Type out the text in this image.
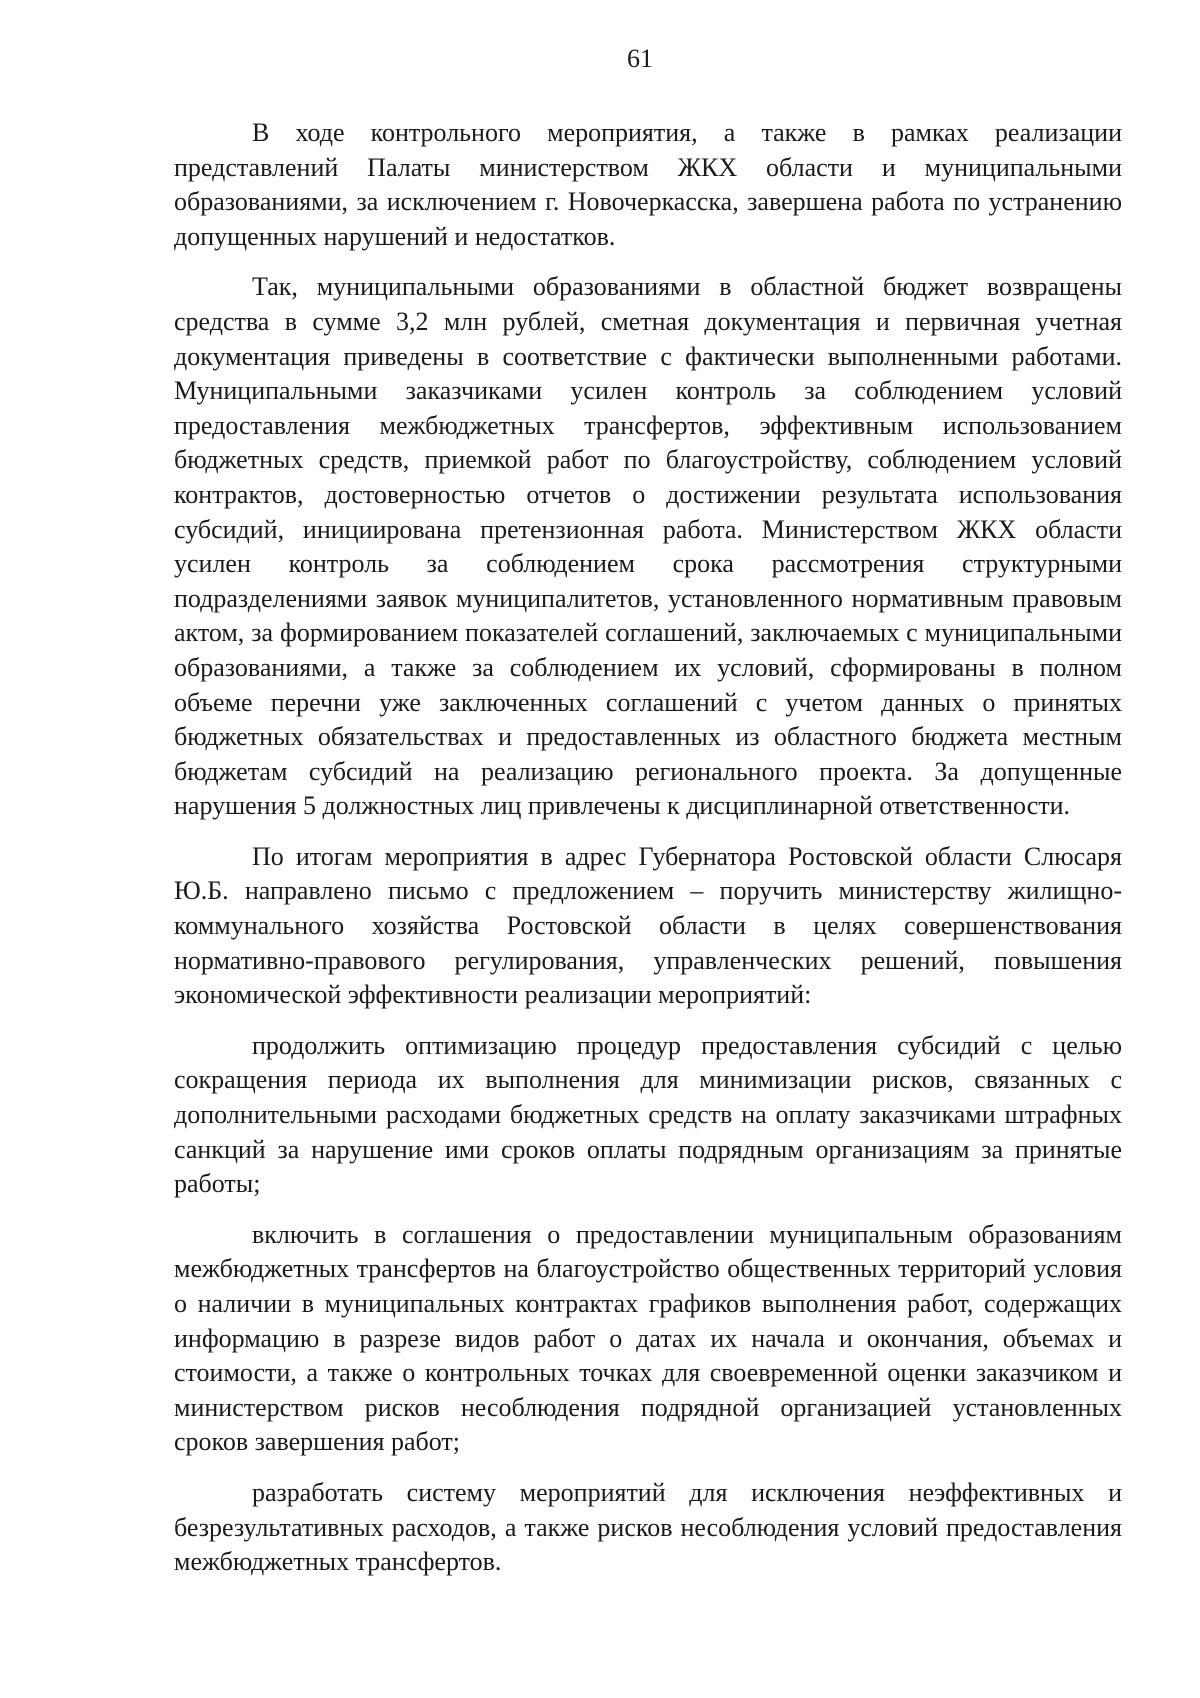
61

В ходе контрольного мероприятия, а также в рамках реализации представлений Палаты министерством ЖКХ области и муниципальными образованиями, за исключением г. Новочеркасска, завершена работа по устранению допущенных нарушений и недостатков.

Так, муниципальными образованиями в областной бюджет возвращены средства в сумме 3,2 млн рублей, сметная документация и первичная учетная документация приведены в соответствие с фактически выполненными работами. Муниципальными заказчиками усилен контроль за соблюдением условий предоставления межбюджетных трансфертов, эффективным использованием бюджетных средств, приемкой работ по благоустройству, соблюдением условий контрактов, достоверностью отчетов о достижении результата использования субсидий, инициирована претензионная работа. Министерством ЖКХ области усилен контроль за соблюдением срока рассмотрения структурными подразделениями заявок муниципалитетов, установленного нормативным правовым актом, за формированием показателей соглашений, заключаемых с муниципальными образованиями, а также за соблюдением их условий, сформированы в полном объеме перечни уже заключенных соглашений с учетом данных о принятых бюджетных обязательствах и предоставленных из областного бюджета местным бюджетам субсидий на реализацию регионального проекта. За допущенные нарушения 5 должностных лиц привлечены к дисциплинарной ответственности.

По итогам мероприятия в адрес Губернатора Ростовской области Слюсаря Ю.Б. направлено письмо с предложением – поручить министерству жилищно-коммунального хозяйства Ростовской области в целях совершенствования нормативно-правового регулирования, управленческих решений, повышения экономической эффективности реализации мероприятий:

продолжить оптимизацию процедур предоставления субсидий с целью сокращения периода их выполнения для минимизации рисков, связанных с дополнительными расходами бюджетных средств на оплату заказчиками штрафных санкций за нарушение ими сроков оплаты подрядным организациям за принятые работы;

включить в соглашения о предоставлении муниципальным образованиям межбюджетных трансфертов на благоустройство общественных территорий условия о наличии в муниципальных контрактах графиков выполнения работ, содержащих информацию в разрезе видов работ о датах их начала и окончания, объемах и стоимости, а также о контрольных точках для своевременной оценки заказчиком и министерством рисков несоблюдения подрядной организацией установленных сроков завершения работ;

разработать систему мероприятий для исключения неэффективных и безрезультативных расходов, а также рисков несоблюдения условий предоставления межбюджетных трансфертов.
